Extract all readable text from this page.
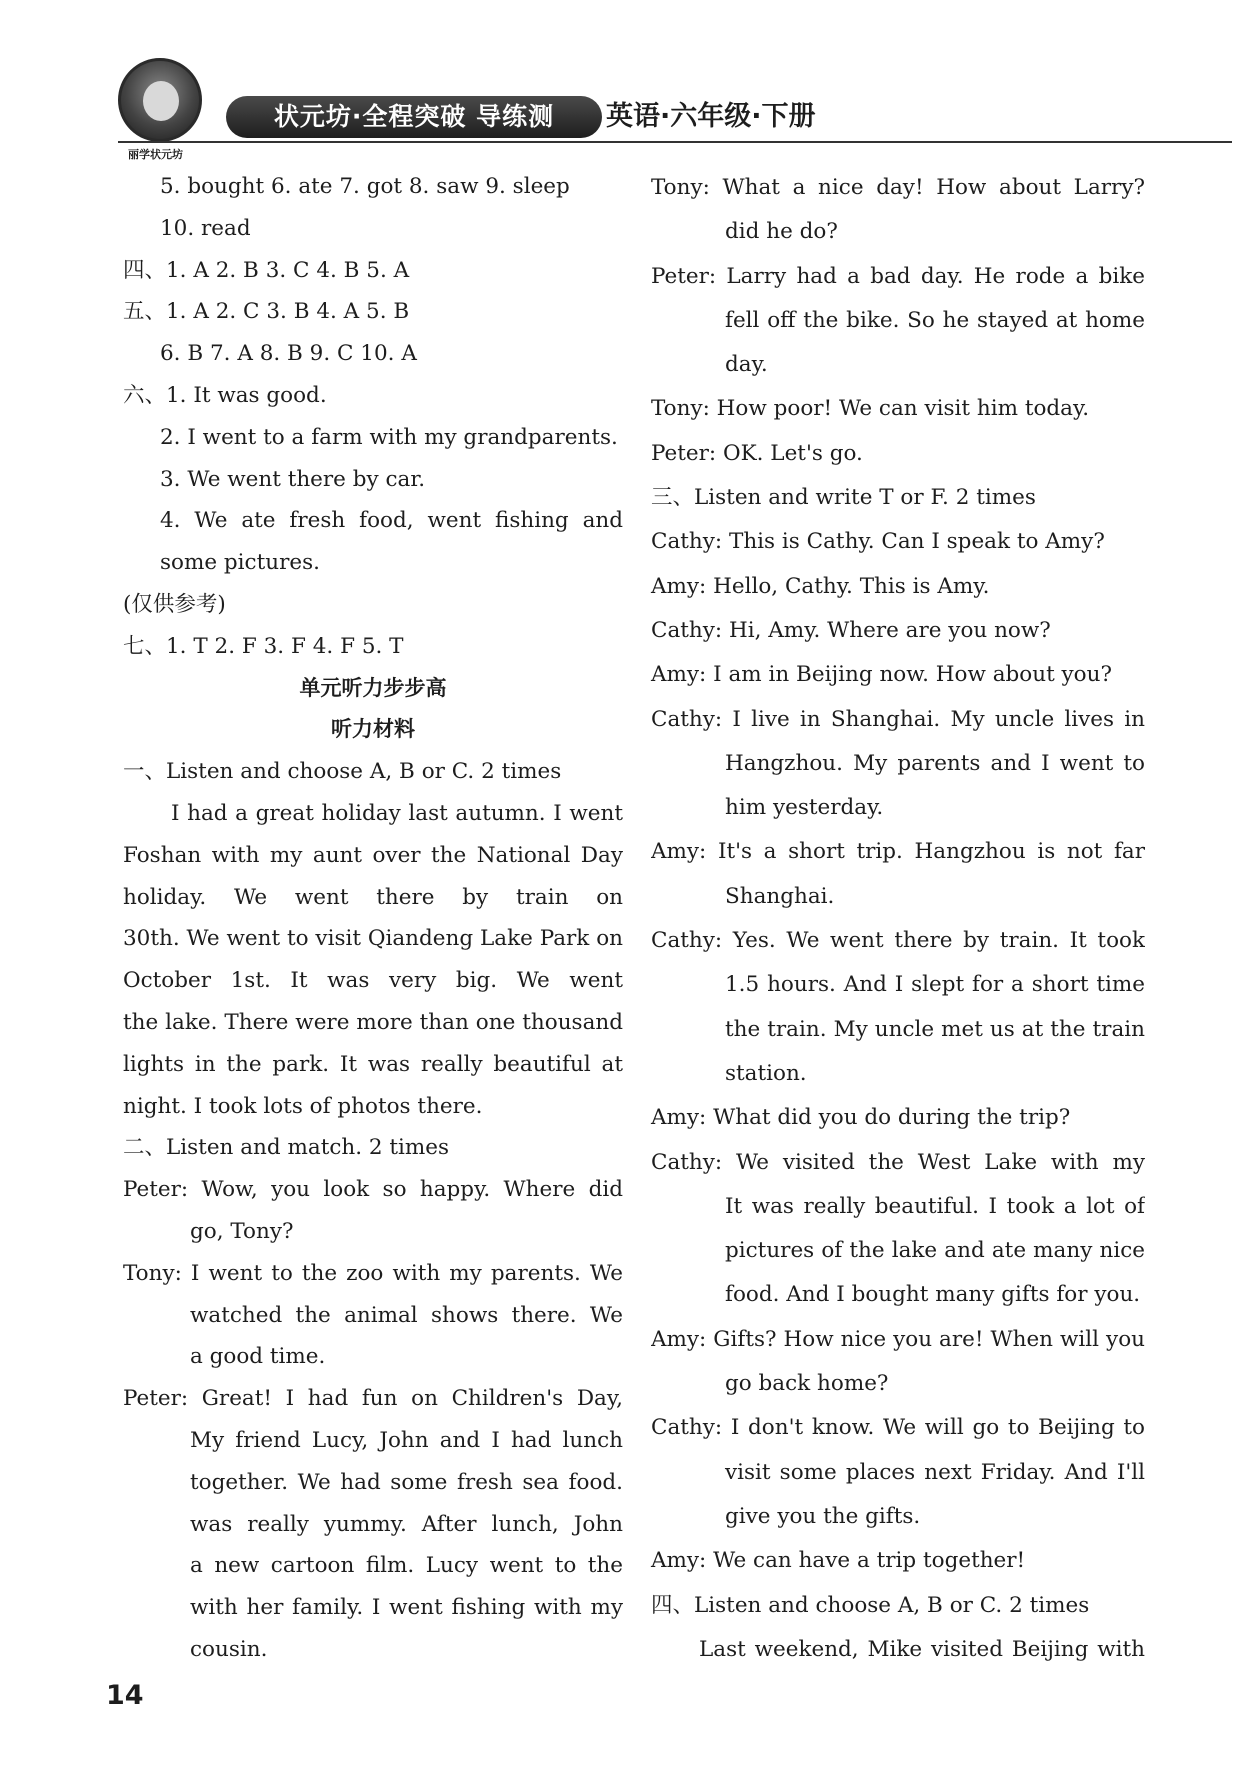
丽学状元坊
状元坊·全程突破 导练测	英语·六年级·下册
5. bought 6. ate 7. got 8. saw 9. sleep
10. read
四、1. A 2. B 3. C 4. B 5. A
五、1. A 2. C 3. B 4. A 5. B
6. B 7. A 8. B 9. C 10. A
六、1. It was good.
2. I went to a farm with my grandparents.
3. We went there by car.
4. We ate fresh food, went fishing and
some pictures.
(仅供参考)
七、1. T 2. F 3. F 4. F 5. T
单元听力步步高
听力材料
一、Listen and choose A, B or C. 2 times
I had a great holiday last autumn. I went
Foshan with my aunt over the National Day
holiday. We went there by train on
30th. We went to visit Qiandeng Lake Park on
October 1st. It was very big. We went
the lake. There were more than one thousand
lights in the park. It was really beautiful at
night. I took lots of photos there.
二、Listen and match. 2 times
Peter: Wow, you look so happy. Where did
go, Tony?
Tony: I went to the zoo with my parents. We
watched the animal shows there. We
a good time.
Peter: Great! I had fun on Children's Day,
My friend Lucy, John and I had lunch
together. We had some fresh sea food.
was really yummy. After lunch, John
a new cartoon film. Lucy went to the
with her family. I went fishing with my
cousin.
Tony: What a nice day! How about Larry?
did he do?
Peter: Larry had a bad day. He rode a bike
fell off the bike. So he stayed at home
day.
Tony: How poor! We can visit him today.
Peter: OK. Let's go.
三、Listen and write T or F. 2 times
Cathy: This is Cathy. Can I speak to Amy?
Amy: Hello, Cathy. This is Amy.
Cathy: Hi, Amy. Where are you now?
Amy: I am in Beijing now. How about you?
Cathy: I live in Shanghai. My uncle lives in
Hangzhou. My parents and I went to
him yesterday.
Amy: It's a short trip. Hangzhou is not far
Shanghai.
Cathy: Yes. We went there by train. It took
1.5 hours. And I slept for a short time
the train. My uncle met us at the train
station.
Amy: What did you do during the trip?
Cathy: We visited the West Lake with my
It was really beautiful. I took a lot of
pictures of the lake and ate many nice
food. And I bought many gifts for you.
Amy: Gifts? How nice you are! When will you
go back home?
Cathy: I don't know. We will go to Beijing to
visit some places next Friday. And I'll
give you the gifts.
Amy: We can have a trip together!
四、Listen and choose A, B or C. 2 times
Last weekend, Mike visited Beijing with
14
